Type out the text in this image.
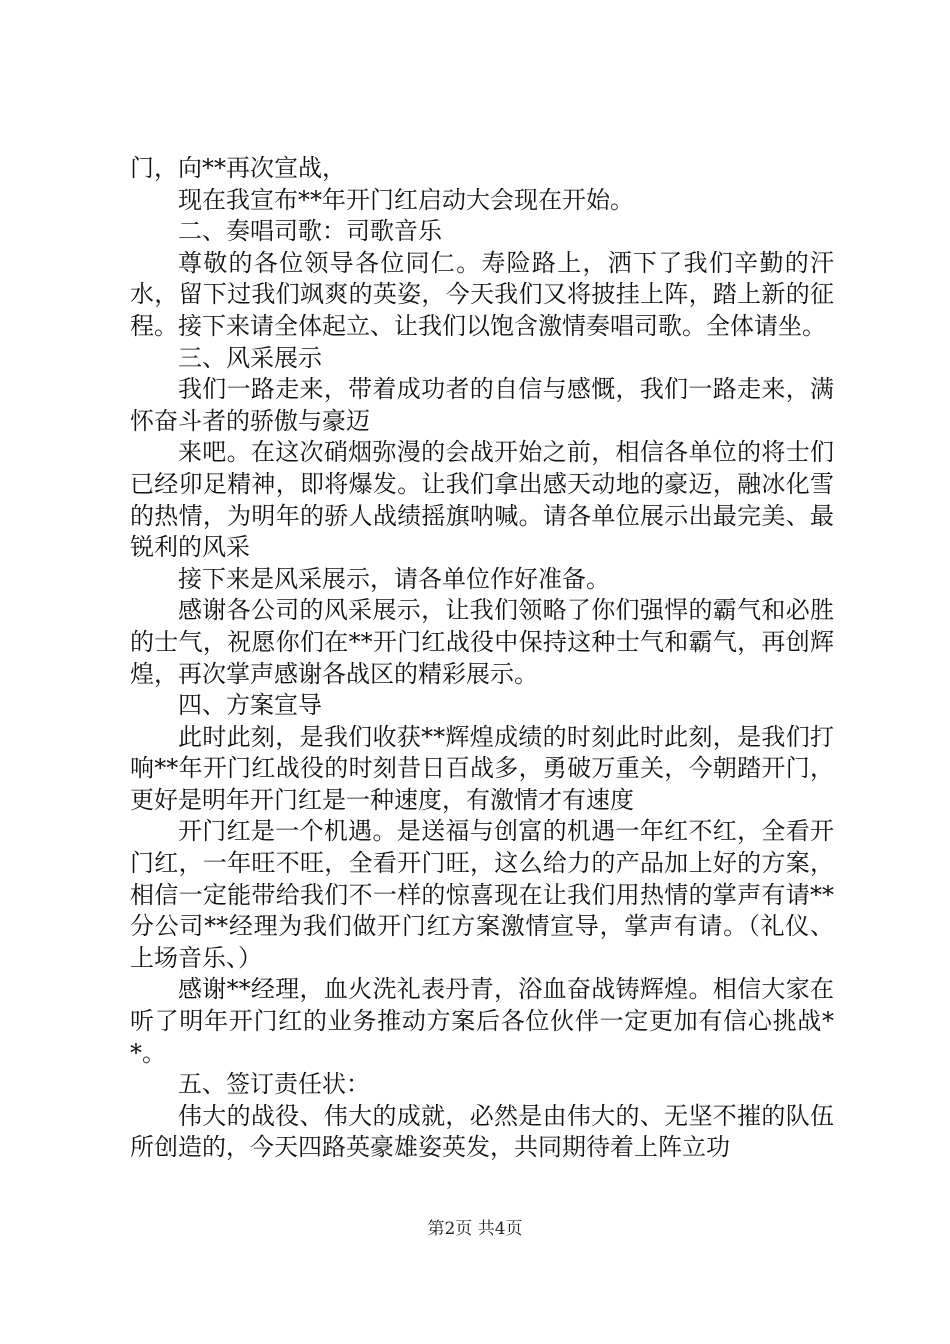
门，向**再次宣战，

现在我宣布**年开门红启动大会现在开始。

二、奏唱司歌：司歌音乐

尊敬的各位领导各位同仁。寿险路上，洒下了我们辛勤的汗水，留下过我们飒爽的英姿，今天我们又将披挂上阵，踏上新的征程。接下来请全体起立、让我们以饱含激情奏唱司歌。全体请坐。

三、风采展示

我们一路走来，带着成功者的自信与感慨，我们一路走来，满怀奋斗者的骄傲与豪迈

来吧。在这次硝烟弥漫的会战开始之前，相信各单位的将士们已经卯足精神，即将爆发。让我们拿出感天动地的豪迈，融冰化雪的热情，为明年的骄人战绩摇旗呐喊。请各单位展示出最完美、最锐利的风采

接下来是风采展示，请各单位作好准备。

感谢各公司的风采展示，让我们领略了你们强悍的霸气和必胜的士气，祝愿你们在**开门红战役中保持这种士气和霸气，再创辉煌，再次掌声感谢各战区的精彩展示。

四、方案宣导

此时此刻，是我们收获**辉煌成绩的时刻此时此刻，是我们打响**年开门红战役的时刻昔日百战多，勇破万重关，今朝踏开门，更好是明年开门红是一种速度，有激情才有速度

开门红是一个机遇。是送福与创富的机遇一年红不红，全看开门红，一年旺不旺，全看开门旺，这么给力的产品加上好的方案，相信一定能带给我们不一样的惊喜现在让我们用热情的掌声有请**分公司**经理为我们做开门红方案激情宣导，掌声有请。（礼仪、上场音乐、）

感谢**经理，血火洗礼表丹青，浴血奋战铸辉煌。相信大家在听了明年开门红的业务推动方案后各位伙伴一定更加有信心挑战**。

五、签订责任状：

伟大的战役、伟大的成就，必然是由伟大的、无坚不摧的队伍所创造的，今天四路英豪雄姿英发，共同期待着上阵立功

第2页 共4页
